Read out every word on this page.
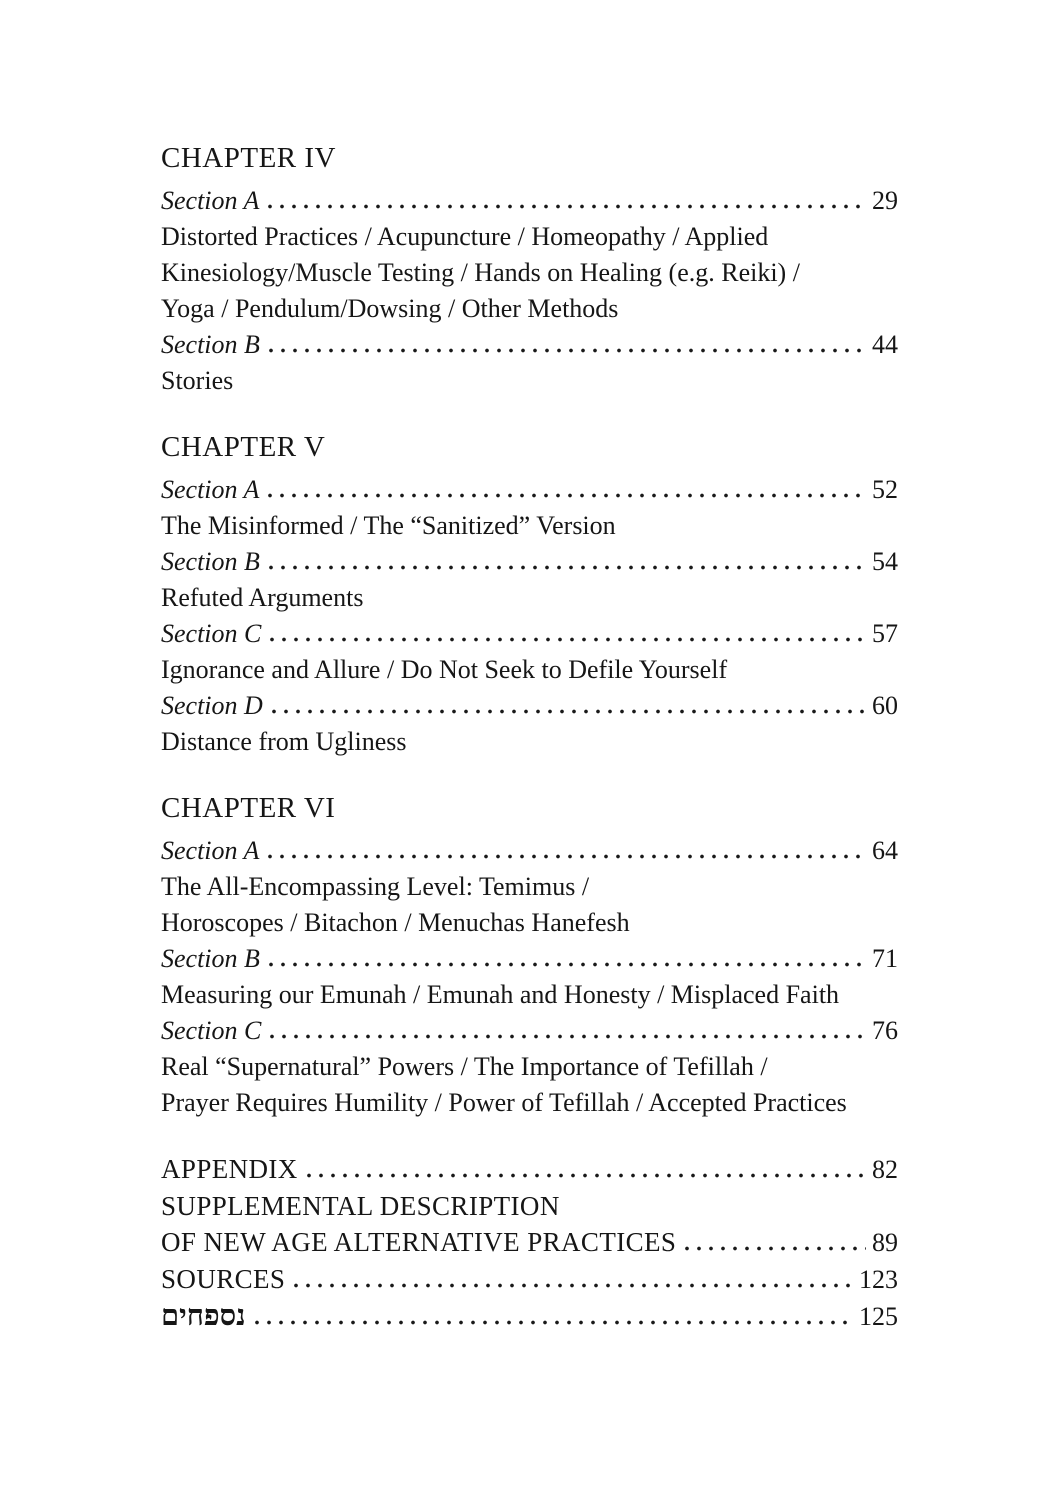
CHAPTER IV
Section A	29
Distorted Practices / Acupuncture / Homeopathy / Applied
Kinesiology/Muscle Testing / Hands on Healing (e.g. Reiki) /
Yoga / Pendulum/Dowsing / Other Methods
Section B	44
Stories
CHAPTER V
Section A	52
The Misinformed / The “Sanitized” Version
Section B	54
Refuted Arguments
Section C	57
Ignorance and Allure / Do Not Seek to Defile Yourself
Section D	60
Distance from Ugliness
CHAPTER VI
Section A	64
The All-Encompassing Level: Temimus /
Horoscopes / Bitachon / Menuchas Hanefesh
Section B	71
Measuring our Emunah / Emunah and Honesty / Misplaced Faith
Section C	76
Real “Supernatural” Powers / The Importance of Tefillah /
Prayer Requires Humility / Power of Tefillah / Accepted Practices
APPENDIX	82
SUPPLEMENTAL DESCRIPTION
OF NEW AGE ALTERNATIVE PRACTICES	89
SOURCES	123
נספחים	125
